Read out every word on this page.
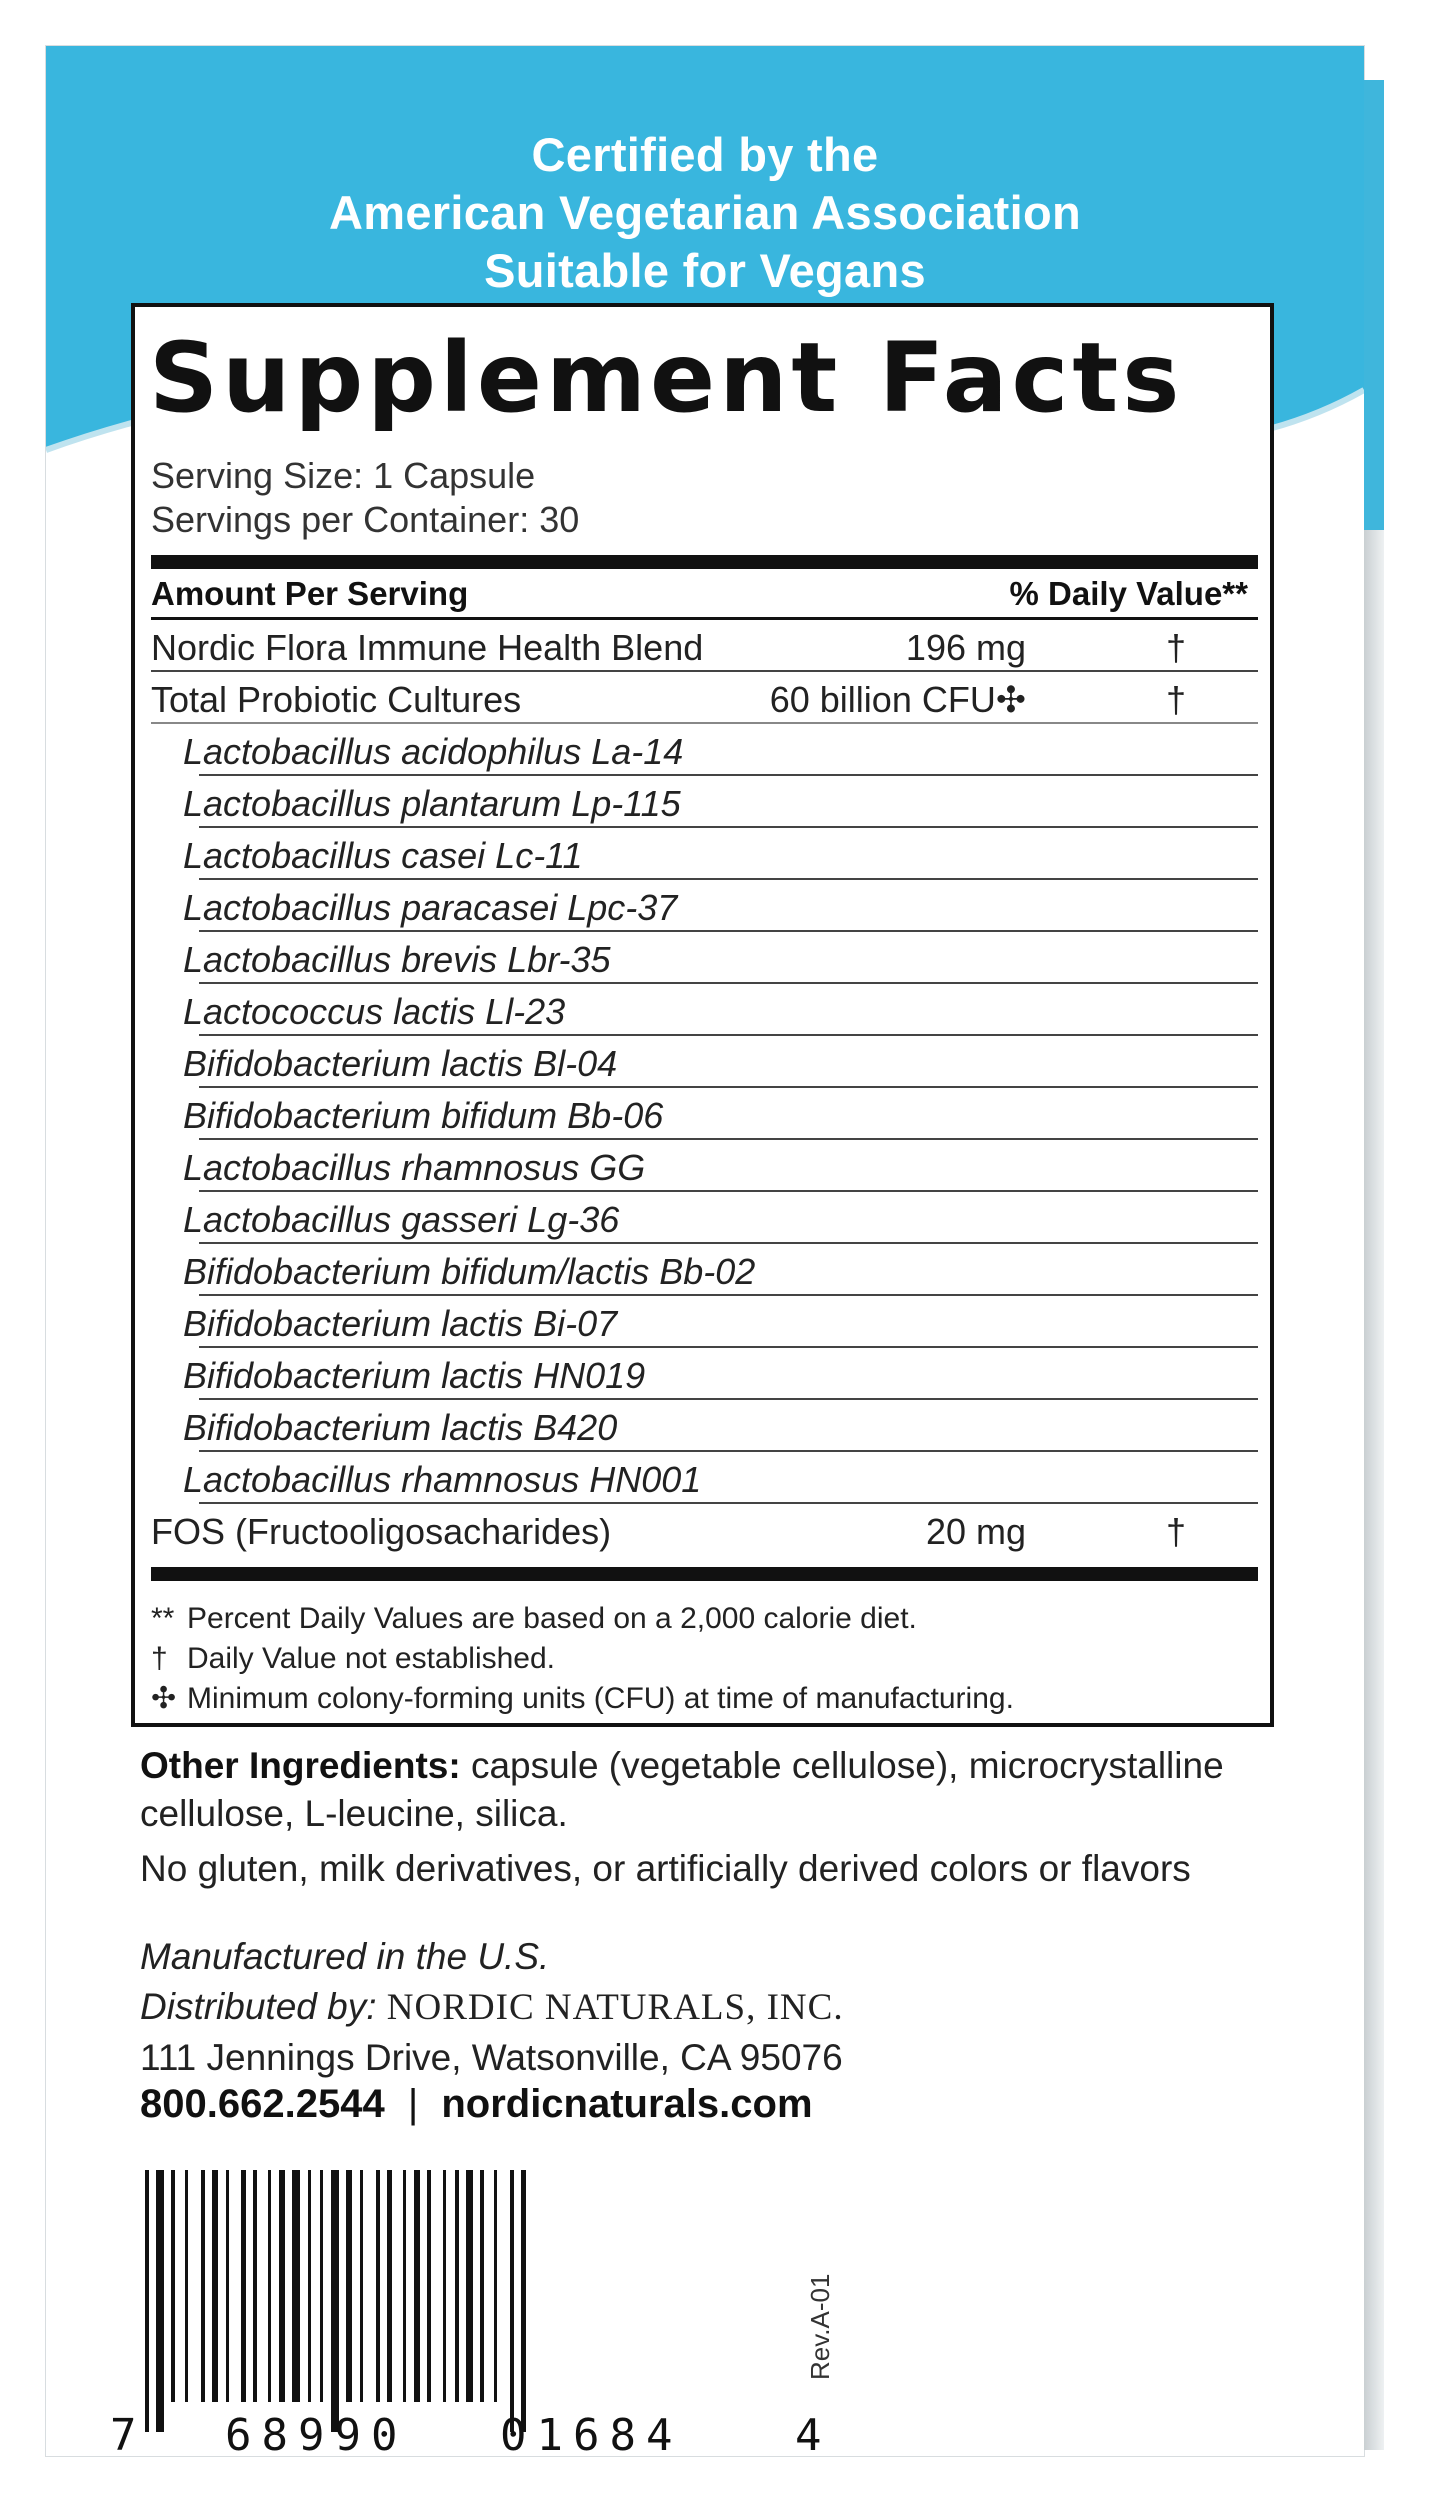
Certified by the
American Vegetarian Association
Suitable for Vegans
Supplement Facts
Serving Size: 1 Capsule
Servings per Container: 30
Amount Per Serving	% Daily Value**
Nordic Flora Immune Health Blend	196 mg	†
Total Probiotic Cultures	60 billion CFU✣	†
Lactobacillus acidophilus La-14
Lactobacillus plantarum Lp-115
Lactobacillus casei Lc-11
Lactobacillus paracasei Lpc-37
Lactobacillus brevis Lbr-35
Lactococcus lactis Ll-23
Bifidobacterium lactis Bl-04
Bifidobacterium bifidum Bb-06
Lactobacillus rhamnosus GG
Lactobacillus gasseri Lg-36
Bifidobacterium bifidum/lactis Bb-02
Bifidobacterium lactis Bi-07
Bifidobacterium lactis HN019
Bifidobacterium lactis B420
Lactobacillus rhamnosus HN001
FOS (Fructooligosacharides)	20 mg	†
** Percent Daily Values are based on a 2,000 calorie diet.
† Daily Value not established.
✣ Minimum colony-forming units (CFU) at time of manufacturing.
Other Ingredients: capsule (vegetable cellulose), microcrystalline cellulose, L-leucine, silica.
No gluten, milk derivatives, or artificially derived colors or flavors
Manufactured in the U.S.
Distributed by: NORDIC NATURALS, INC.
111 Jennings Drive, Watsonville, CA 95076
800.662.2544 | nordicnaturals.com
7 68990 01684	4
Rev.A-01
